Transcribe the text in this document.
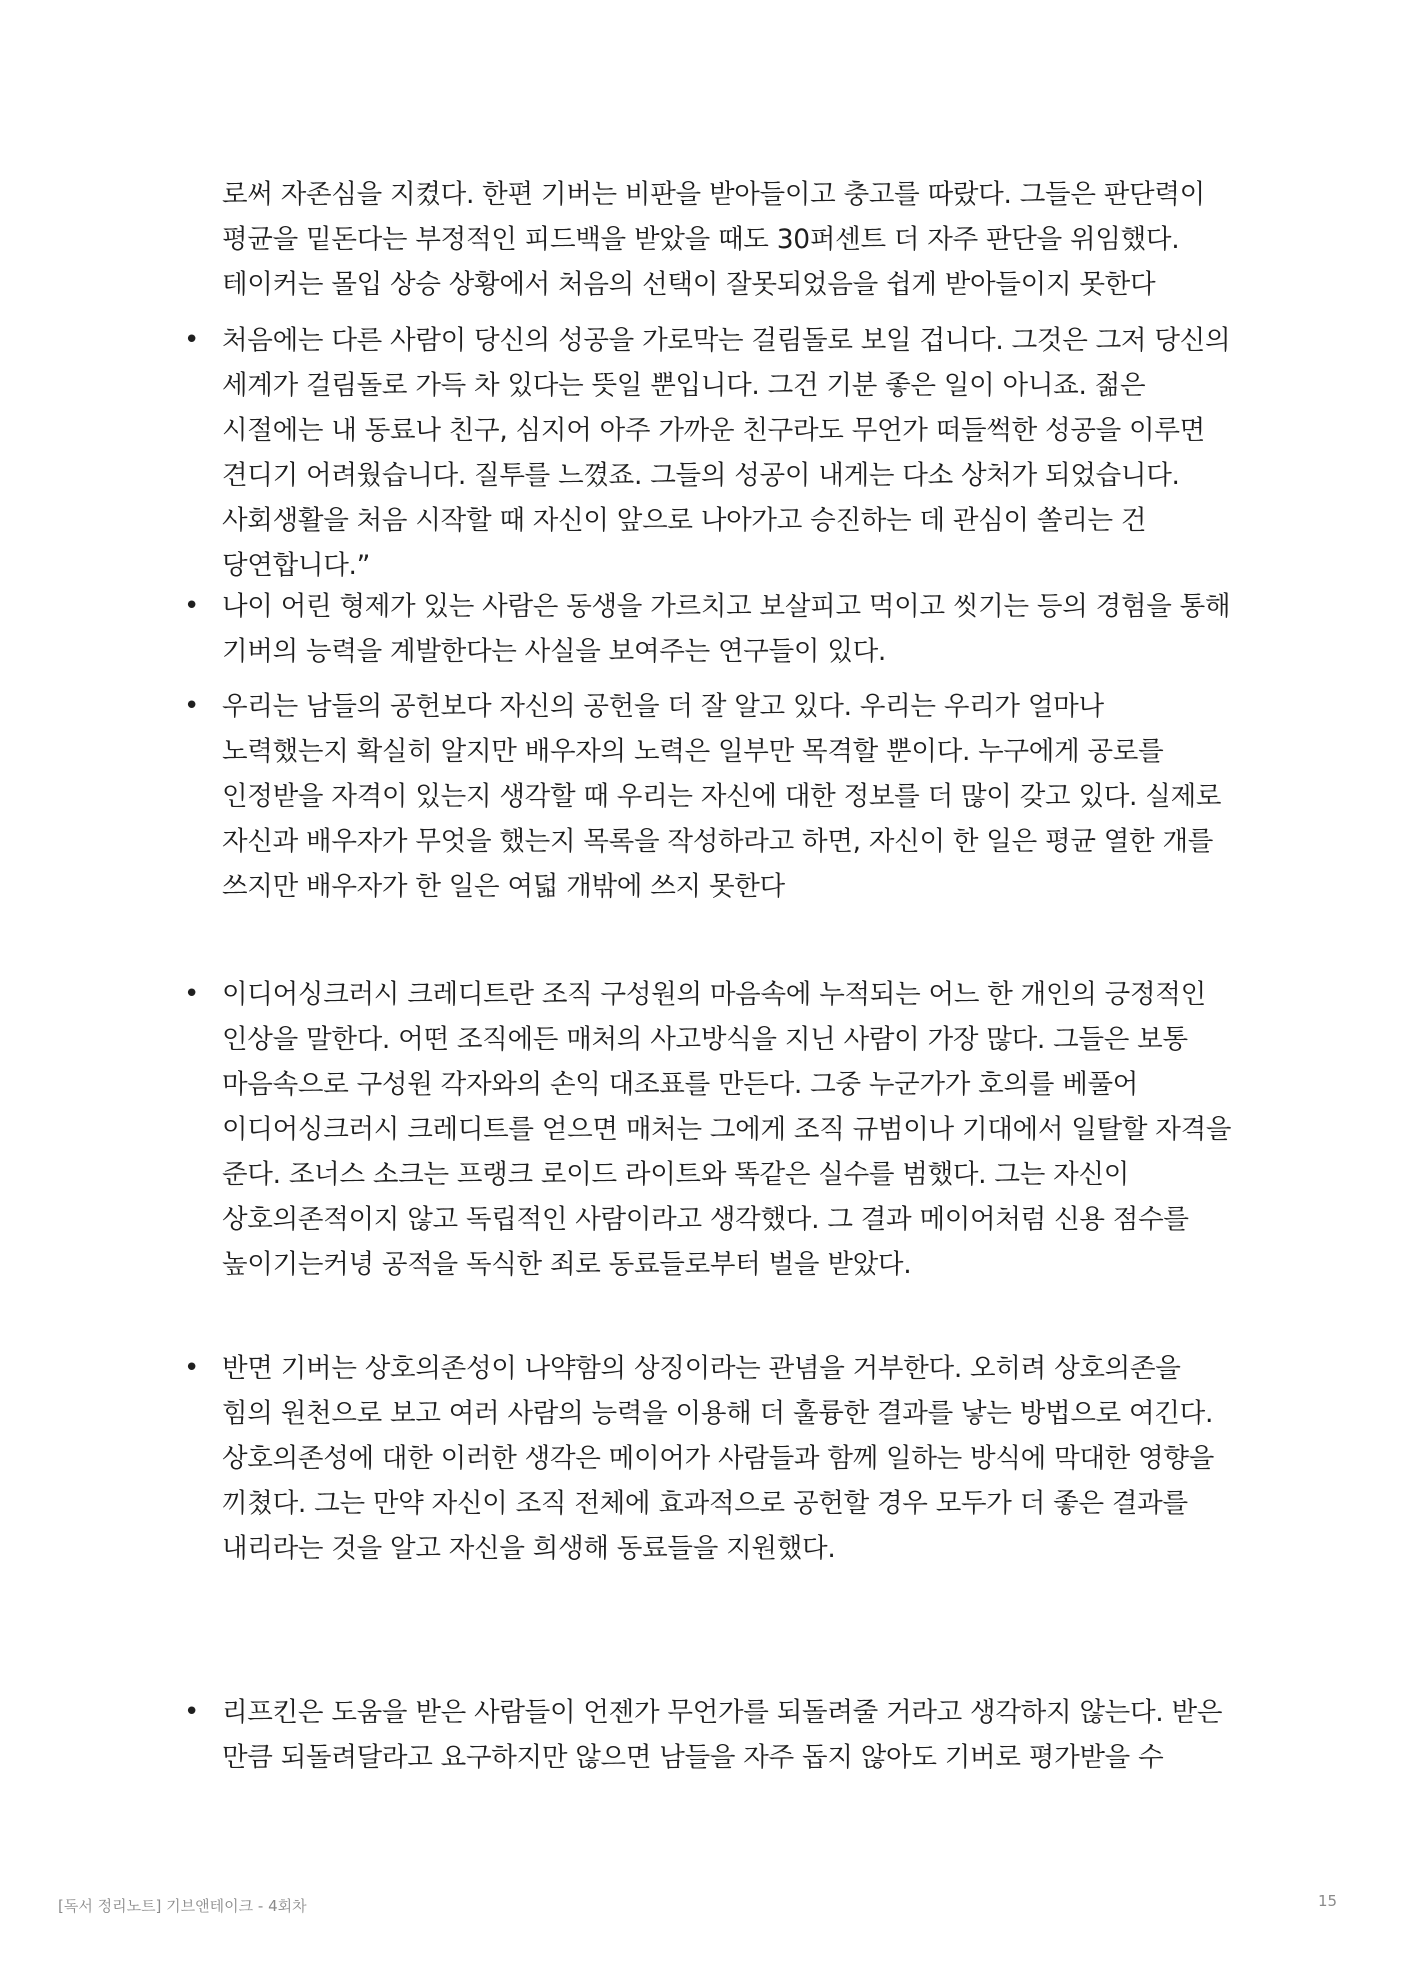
로써 자존심을 지켰다. 한편 기버는 비판을 받아들이고 충고를 따랐다. 그들은 판단력이 평균을 밑돈다는 부정적인 피드백을 받았을 때도 30퍼센트 더 자주 판단을 위임했다. 테이커는 몰입 상승 상황에서 처음의 선택이 잘못되었음을 쉽게 받아들이지 못한다

• 처음에는 다른 사람이 당신의 성공을 가로막는 걸림돌로 보일 겁니다. 그것은 그저 당신의 세계가 걸림돌로 가득 차 있다는 뜻일 뿐입니다. 그건 기분 좋은 일이 아니죠. 젊은 시절에는 내 동료나 친구, 심지어 아주 가까운 친구라도 무언가 떠들썩한 성공을 이루면 견디기 어려웠습니다. 질투를 느꼈죠. 그들의 성공이 내게는 다소 상처가 되었습니다. 사회생활을 처음 시작할 때 자신이 앞으로 나아가고 승진하는 데 관심이 쏠리는 건 당연합니다.”

• 나이 어린 형제가 있는 사람은 동생을 가르치고 보살피고 먹이고 씻기는 등의 경험을 통해 기버의 능력을 계발한다는 사실을 보여주는 연구들이 있다.

• 우리는 남들의 공헌보다 자신의 공헌을 더 잘 알고 있다. 우리는 우리가 얼마나 노력했는지 확실히 알지만 배우자의 노력은 일부만 목격할 뿐이다. 누구에게 공로를 인정받을 자격이 있는지 생각할 때 우리는 자신에 대한 정보를 더 많이 갖고 있다. 실제로 자신과 배우자가 무엇을 했는지 목록을 작성하라고 하면, 자신이 한 일은 평균 열한 개를 쓰지만 배우자가 한 일은 여덟 개밖에 쓰지 못한다

• 이디어싱크러시 크레디트란 조직 구성원의 마음속에 누적되는 어느 한 개인의 긍정적인 인상을 말한다. 어떤 조직에든 매처의 사고방식을 지닌 사람이 가장 많다. 그들은 보통 마음속으로 구성원 각자와의 손익 대조표를 만든다. 그중 누군가가 호의를 베풀어 이디어싱크러시 크레디트를 얻으면 매처는 그에게 조직 규범이나 기대에서 일탈할 자격을 준다. 조너스 소크는 프랭크 로이드 라이트와 똑같은 실수를 범했다. 그는 자신이 상호의존적이지 않고 독립적인 사람이라고 생각했다. 그 결과 메이어처럼 신용 점수를 높이기는커녕 공적을 독식한 죄로 동료들로부터 벌을 받았다.

• 반면 기버는 상호의존성이 나약함의 상징이라는 관념을 거부한다. 오히려 상호의존을 힘의 원천으로 보고 여러 사람의 능력을 이용해 더 훌륭한 결과를 낳는 방법으로 여긴다. 상호의존성에 대한 이러한 생각은 메이어가 사람들과 함께 일하는 방식에 막대한 영향을 끼쳤다. 그는 만약 자신이 조직 전체에 효과적으로 공헌할 경우 모두가 더 좋은 결과를 내리라는 것을 알고 자신을 희생해 동료들을 지원했다.

• 리프킨은 도움을 받은 사람들이 언젠가 무언가를 되돌려줄 거라고 생각하지 않는다. 받은 만큼 되돌려달라고 요구하지만 않으면 남들을 자주 돕지 않아도 기버로 평가받을 수

[독서 정리노트] 기브앤테이크 - 4회차	15
